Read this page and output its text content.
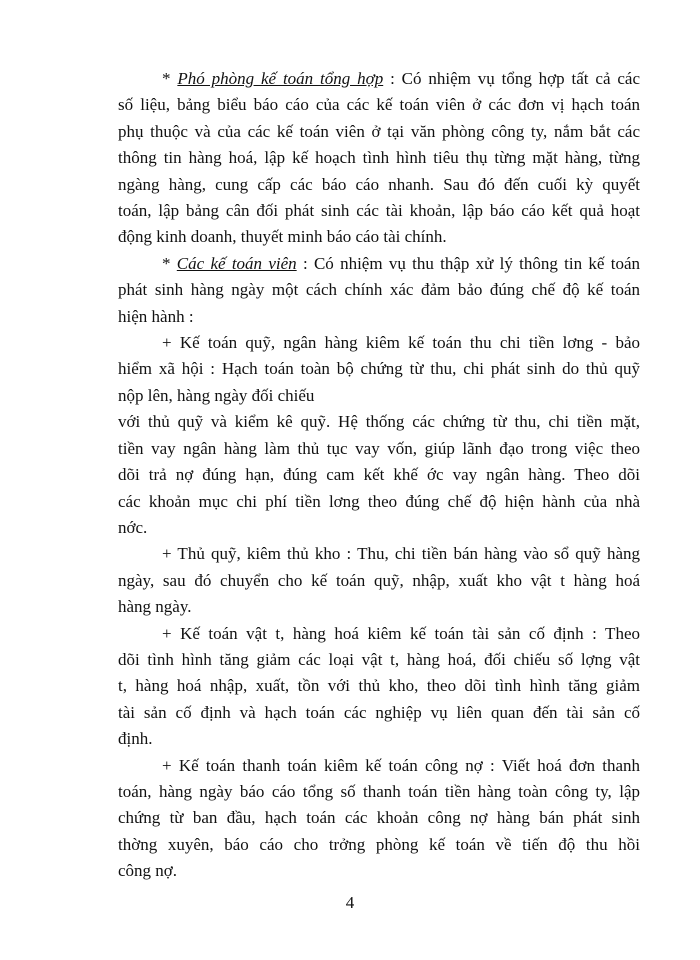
* Phó phòng kế toán tổng hợp : Có nhiệm vụ tổng hợp tất cả các
số liệu, bảng biểu báo cáo của các kế toán viên ở các đơn vị hạch toán
phụ thuộc và của các kế toán viên ở tại văn phòng công ty, nắm bắt các
thông tin hàng hoá, lập kế hoạch tình hình tiêu thụ từng mặt hàng, từng
ngàng hàng, cung cấp các báo cáo nhanh. Sau đó đến cuối kỳ quyết
toán, lập bảng cân đối phát sinh các tài khoản, lập báo cáo kết quả hoạt
động kinh doanh, thuyết minh báo cáo tài chính.
* Các kế toán viên : Có nhiệm vụ thu thập xử lý thông tin kế toán
phát sinh hàng ngày một cách chính xác đảm bảo đúng chế độ kế toán
hiện hành :
+ Kế toán quỹ, ngân hàng kiêm kế toán thu chi tiền lơng - bảo
hiểm xã hội : Hạch toán toàn bộ chứng từ thu, chi phát sinh do thủ quỹ
nộp lên, hàng ngày đối chiếu
với thủ quỹ và kiểm kê quỹ. Hệ thống các chứng từ thu, chi tiền mặt,
tiền vay ngân hàng làm thủ tục vay vốn, giúp lãnh đạo trong việc theo
dõi trả nợ đúng hạn, đúng cam kết khế ớc vay ngân hàng. Theo dõi
các khoản mục chi phí tiền lơng theo đúng chế độ hiện hành của nhà
nớc.
+ Thủ quỹ, kiêm thủ kho : Thu, chi tiền bán hàng vào sổ quỹ hàng
ngày, sau đó chuyển cho kế toán quỹ, nhập, xuất kho vật t hàng hoá
hàng ngày.
+ Kế toán vật t, hàng hoá kiêm kế toán tài sản cố định : Theo
dõi tình hình tăng giảm các loại vật t, hàng hoá, đối chiếu số lợng vật
t, hàng hoá nhập, xuất, tồn với thủ kho, theo dõi tình hình tăng giảm
tài sản cố định và hạch toán các nghiệp vụ liên quan đến tài sản cố
định.
+ Kế toán thanh toán kiêm kế toán công nợ : Viết hoá đơn thanh
toán, hàng ngày báo cáo tổng số thanh toán tiền hàng toàn công ty, lập
chứng từ ban đầu, hạch toán các khoản công nợ hàng bán phát sinh
thờng xuyên, báo cáo cho trởng phòng kế toán về tiến độ thu hồi
công nợ.
4
